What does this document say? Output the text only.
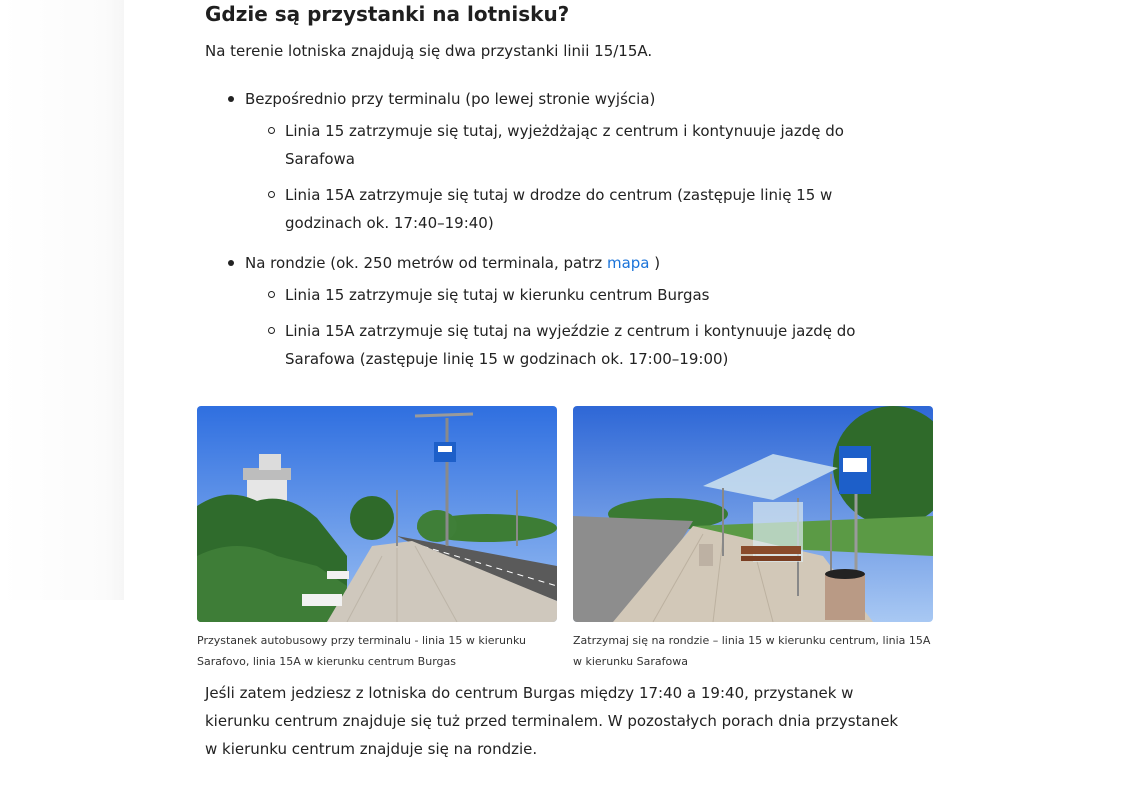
Gdzie są przystanki na lotnisku?

Na terenie lotniska znajdują się dwa przystanki linii 15/15A.

Bezpośrednio przy terminalu (po lewej stronie wyjścia)
Linia 15 zatrzymuje się tutaj, wyjeżdżając z centrum i kontynuuje jazdę do Sarafowa
Linia 15A zatrzymuje się tutaj w drodze do centrum (zastępuje linię 15 w godzinach ok. 17:40–19:40)
Na rondzie (ok. 250 metrów od terminala, patrz mapa )
Linia 15 zatrzymuje się tutaj w kierunku centrum Burgas
Linia 15A zatrzymuje się tutaj na wyjeździe z centrum i kontynuuje jazdę do Sarafowa (zastępuje linię 15 w godzinach ok. 17:00–19:00)

Jeśli zatem jedziesz z lotniska do centrum Burgas między 17:40 a 19:40, przystanek w kierunku centrum znajduje się tuż przed terminalem. W pozostałych porach dnia przystanek w kierunku centrum znajduje się na rondzie.

Przystanek autobusowy przy terminalu - linia 15 w kierunku Sarafovo, linia 15A w kierunku centrum Burgas
Zatrzymaj się na rondzie – linia 15 w kierunku centrum, linia 15A w kierunku Sarafowa
